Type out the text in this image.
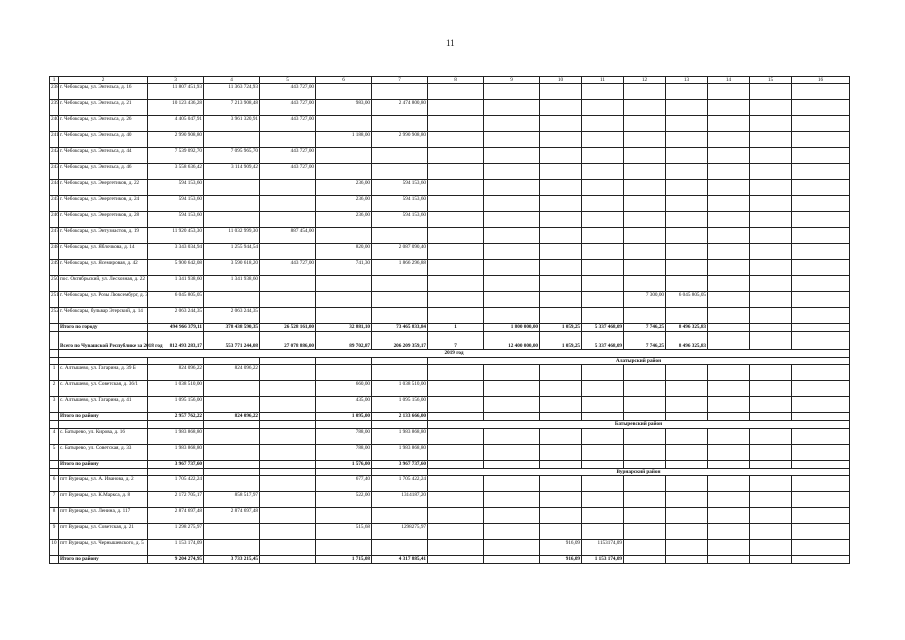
11
1	2	3	4	5	6	7	8	9	10	11	12	13	14	15	16
238	г. Чебоксары, ул. Энгельса, д. 16	11 807 451,93	11 363 724,93	443 727,00											
239	г. Чебоксары, ул. Энгельса, д. 21	10 123 436,28	7 213 908,48	443 727,00	983,00	2 474 800,80									
240	г. Чебоксары, ул. Энгельса, д. 26	4 405 047,91	3 961 320,91	443 727,00											
241	г. Чебоксары, ул. Энгельса, д. 40	2 990 908,80			1 188,00	2 990 908,80									
242	г. Чебоксары, ул. Энгельса, д. 44	7 539 092,70	7 095 965,70	443 727,00											
243	г. Чебоксары, ул. Энгельса, д. 46	3 558 636,42	3 114 909,42	443 727,00											
244	г. Чебоксары, ул. Энергетиков, д. 22	594 153,60			236,00	594 153,60									
245	г. Чебоксары, ул. Энергетиков, д. 24	594 153,60			236,00	594 153,60									
246	г. Чебоксары, ул. Энергетиков, д. 28	594 153,60			236,00	594 153,60									
247	г. Чебоксары, ул. Энтузиастов, д. 19	11 920 453,30	11 032 999,30	887 454,00											
248	г. Чебоксары, ул. Яблочкова, д. 14	3 343 034,94	1 255 944,54		820,00	2 087 090,40									
249	г. Чебоксары, ул. Ясемировая, д. 42	5 900 642,08	3 590 618,20	443 727,00	741,30	1 866 296,88									
250	пос. Октябрьский, ул. Лесхозная, д. 22	1 341 938,60	1 341 938,60												
251	г. Чебоксары, ул. Розы Люксембург, д. 3	6 045 805,05									7 300,00	6 045 805,05			
252	г. Чебоксары, бульвар Эгерский, д. 14	2 063 244,35	2 063 244,35												
	Итого по городу	494 966 379,11	378 438 590,35	26 528 161,00	32 881,10	73 465 833,84	1	1 800 000,00	1 059,25	5 337 468,09	7 746,25	8 496 325,83			
	Всего по Чувашской Республике за 2018 год	812 493 283,17	553 771 244,08	27 078 886,00	89 702,87	206 209 359,17	7	12 400 000,00	1 059,25	5 337 468,09	7 746,25	8 496 325,83			
	2019 год														
							Алатырский район								
1	с. Алтышево, ул. Гагарина, д. 39 Б	824 096,22	824 096,22												
2	с. Алтышево, ул. Советская, д. 36/1	1 038 510,00			660,00	1 038 510,00									
3	с. Алтышево, ул. Гагарина, д. 41	1 095 156,00			435,00	1 095 156,00									
	Итого по району	2 957 762,22	824 096,22		1 095,00	2 133 666,00									
							Батыревский район								
4	с. Батырево, ул. Кирова, д. 16	1 983 868,80			788,00	1 983 868,80									
5	с. Батырево, ул. Советская, д. 33	1 983 868,80			788,00	1 983 868,80									
	Итого по району	3 967 737,60			1 576,00	3 967 737,60									
							Вурнарский район								
6	пгт Вурнары, ул. А. Иванова, д. 2	1 705 422,24			677,40	1 705 422,24									
7	пгт Вурнары, ул. К.Маркса, д. 8	2 172 705,17	858 517,97		522,00	1314187,20									
8	пгт Вурнары, ул. Ленина, д. 117	2 874 697,48	2 874 697,48												
9	пгт Вурнары, ул. Советская, д. 21	1 298 275,97			515,68	1298275,97									
10	пгт Вурнары, ул. Чернышевского, д. 5	1 153 174,09							916,09	1153174,09					
	Итого по району	9 204 274,95	3 733 215,45		1 715,08	4 317 885,41			916,09	1 153 174,09					
